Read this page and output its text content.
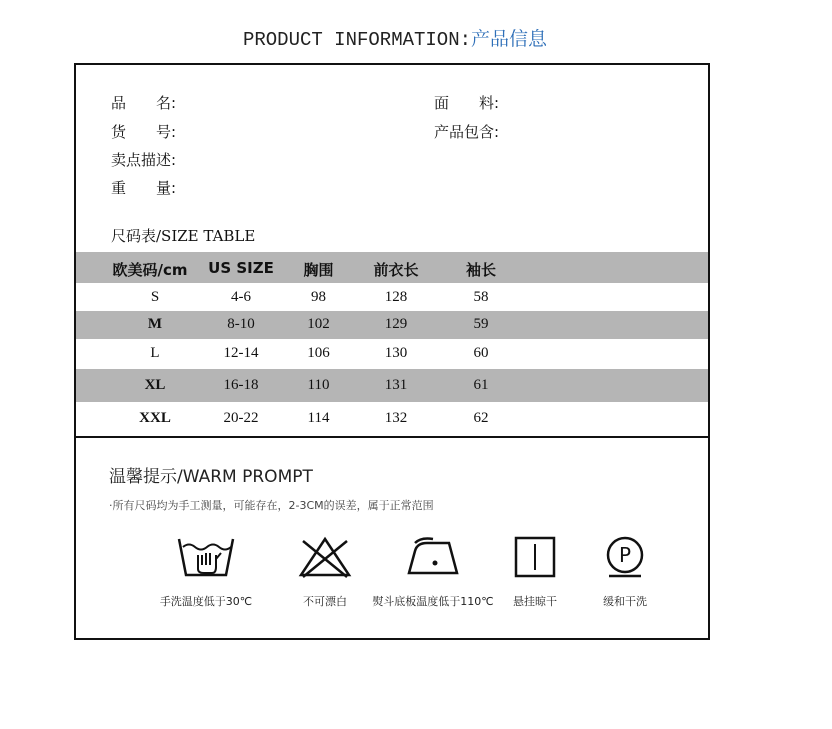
PRODUCT INFORMATION:产品信息
品　　名:	面　　料:
货　　号:	产品包含:
卖点描述:
重　　量:
尺码表/SIZE TABLE
欧美码/cm	US SIZE	胸围	前衣长	袖长
S	4-6	98	128	58
M	8-10	102	129	59
L	12-14	106	130	60
XL	16-18	110	131	61
XXL	20-22	114	132	62
温馨提示/WARM PROMPT
·所有尺码均为手工测量，可能存在，2-3CM的误差，属于正常范围
手洗温度低于30℃	不可漂白	熨斗底板温度低于110℃	悬挂晾干
P
缓和干洗
